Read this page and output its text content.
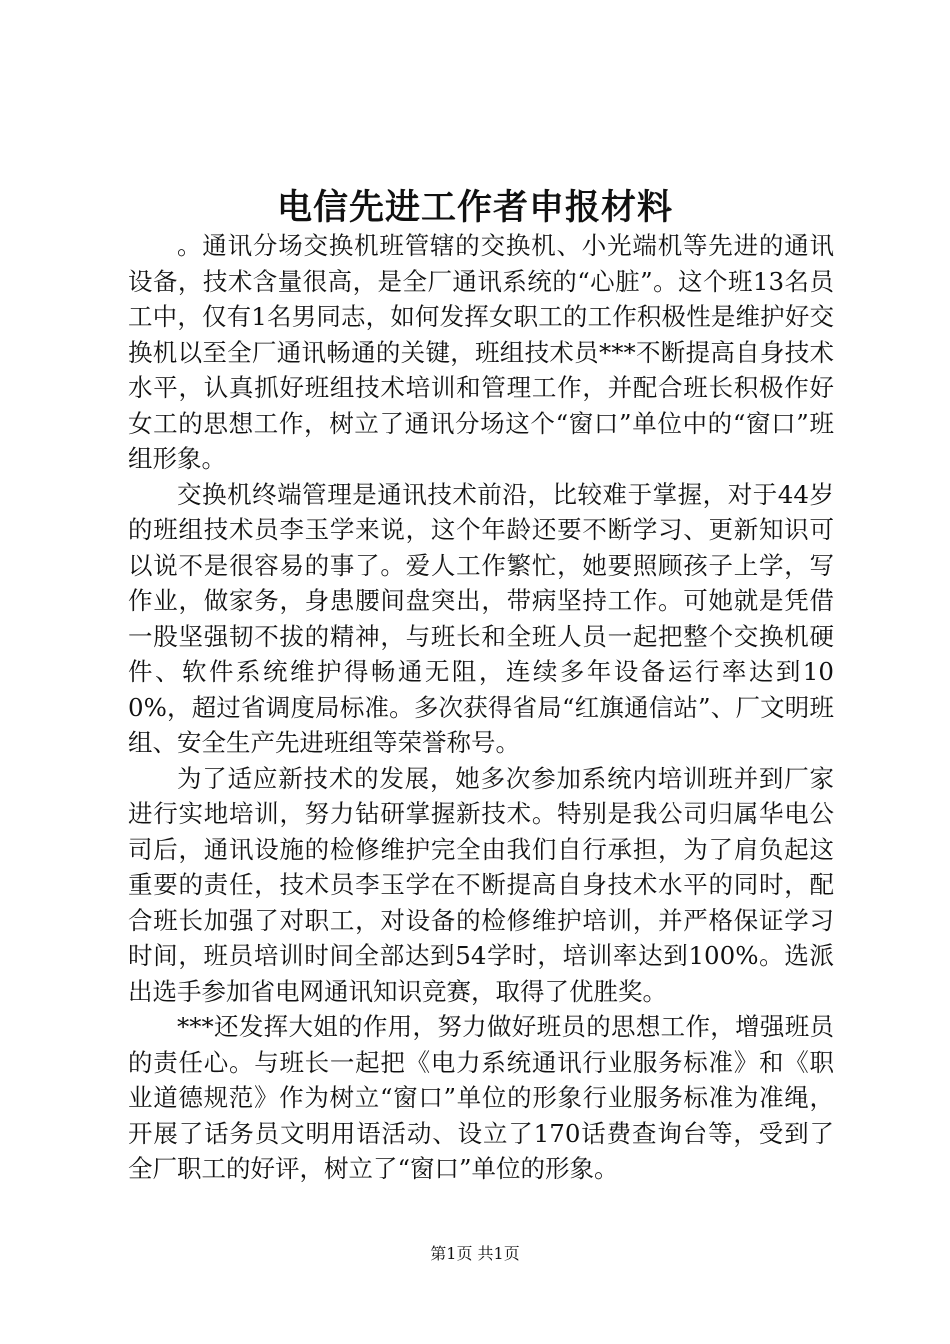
电信先进工作者申报材料

。通讯分场交换机班管辖的交换机、小光端机等先进的通讯设备，技术含量很高，是全厂通讯系统的“心脏”。这个班13名员工中，仅有1名男同志，如何发挥女职工的工作积极性是维护好交换机以至全厂通讯畅通的关键，班组技术员***不断提高自身技术水平，认真抓好班组技术培训和管理工作，并配合班长积极作好女工的思想工作，树立了通讯分场这个“窗口”单位中的“窗口”班组形象。

交换机终端管理是通讯技术前沿，比较难于掌握，对于44岁的班组技术员李玉学来说，这个年龄还要不断学习、更新知识可以说不是很容易的事了。爱人工作繁忙，她要照顾孩子上学，写作业，做家务，身患腰间盘突出，带病坚持工作。可她就是凭借一股坚强韧不拔的精神，与班长和全班人员一起把整个交换机硬件、软件系统维护得畅通无阻，连续多年设备运行率达到100%，超过省调度局标准。多次获得省局“红旗通信站”、厂文明班组、安全生产先进班组等荣誉称号。

为了适应新技术的发展，她多次参加系统内培训班并到厂家进行实地培训，努力钻研掌握新技术。特别是我公司归属华电公司后，通讯设施的检修维护完全由我们自行承担，为了肩负起这重要的责任，技术员李玉学在不断提高自身技术水平的同时，配合班长加强了对职工，对设备的检修维护培训，并严格保证学习时间，班员培训时间全部达到54学时，培训率达到100%。选派出选手参加省电网通讯知识竞赛，取得了优胜奖。

***还发挥大姐的作用，努力做好班员的思想工作，增强班员的责任心。与班长一起把《电力系统通讯行业服务标准》和《职业道德规范》作为树立“窗口”单位的形象行业服务标准为准绳，开展了话务员文明用语活动、设立了170话费查询台等，受到了全厂职工的好评，树立了“窗口”单位的形象。

第1页 共1页
